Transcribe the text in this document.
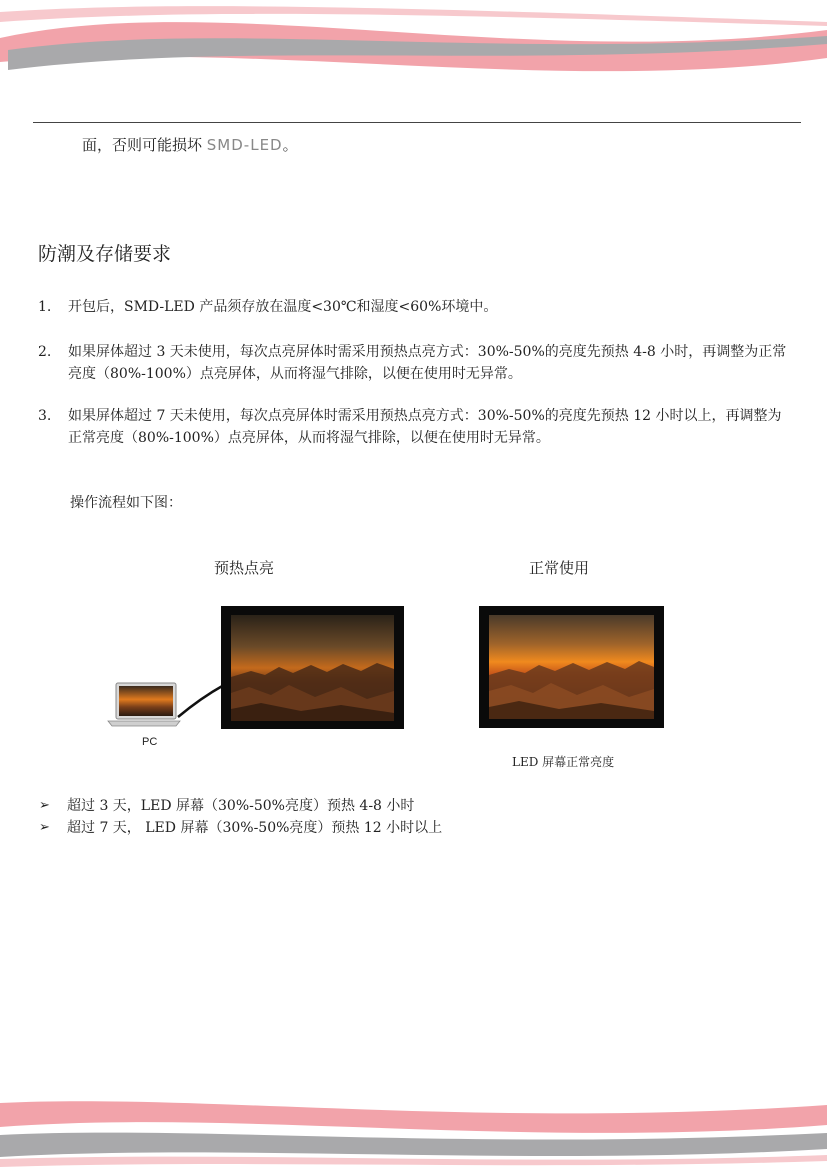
面，否则可能损坏 SMD-LED。
防潮及存储要求
1. 开包后，SMD-LED 产品须存放在温度<30℃和湿度<60%环境中。
2. 如果屏体超过 3 天未使用，每次点亮屏体时需采用预热点亮方式：30%-50%的亮度先预热 4-8 小时，再调整为正常亮度（80%-100%）点亮屏体，从而将湿气排除，以便在使用时无异常。
3. 如果屏体超过 7 天未使用，每次点亮屏体时需采用预热点亮方式：30%-50%的亮度先预热 12 小时以上，再调整为正常亮度（80%-100%）点亮屏体，从而将湿气排除，以便在使用时无异常。
操作流程如下图：
预热点亮	正常使用
PC
LED 屏幕正常亮度
➢ 超过 3 天，LED 屏幕（30%-50%亮度）预热 4-8 小时
➢ 超过 7 天， LED 屏幕（30%-50%亮度）预热 12 小时以上
